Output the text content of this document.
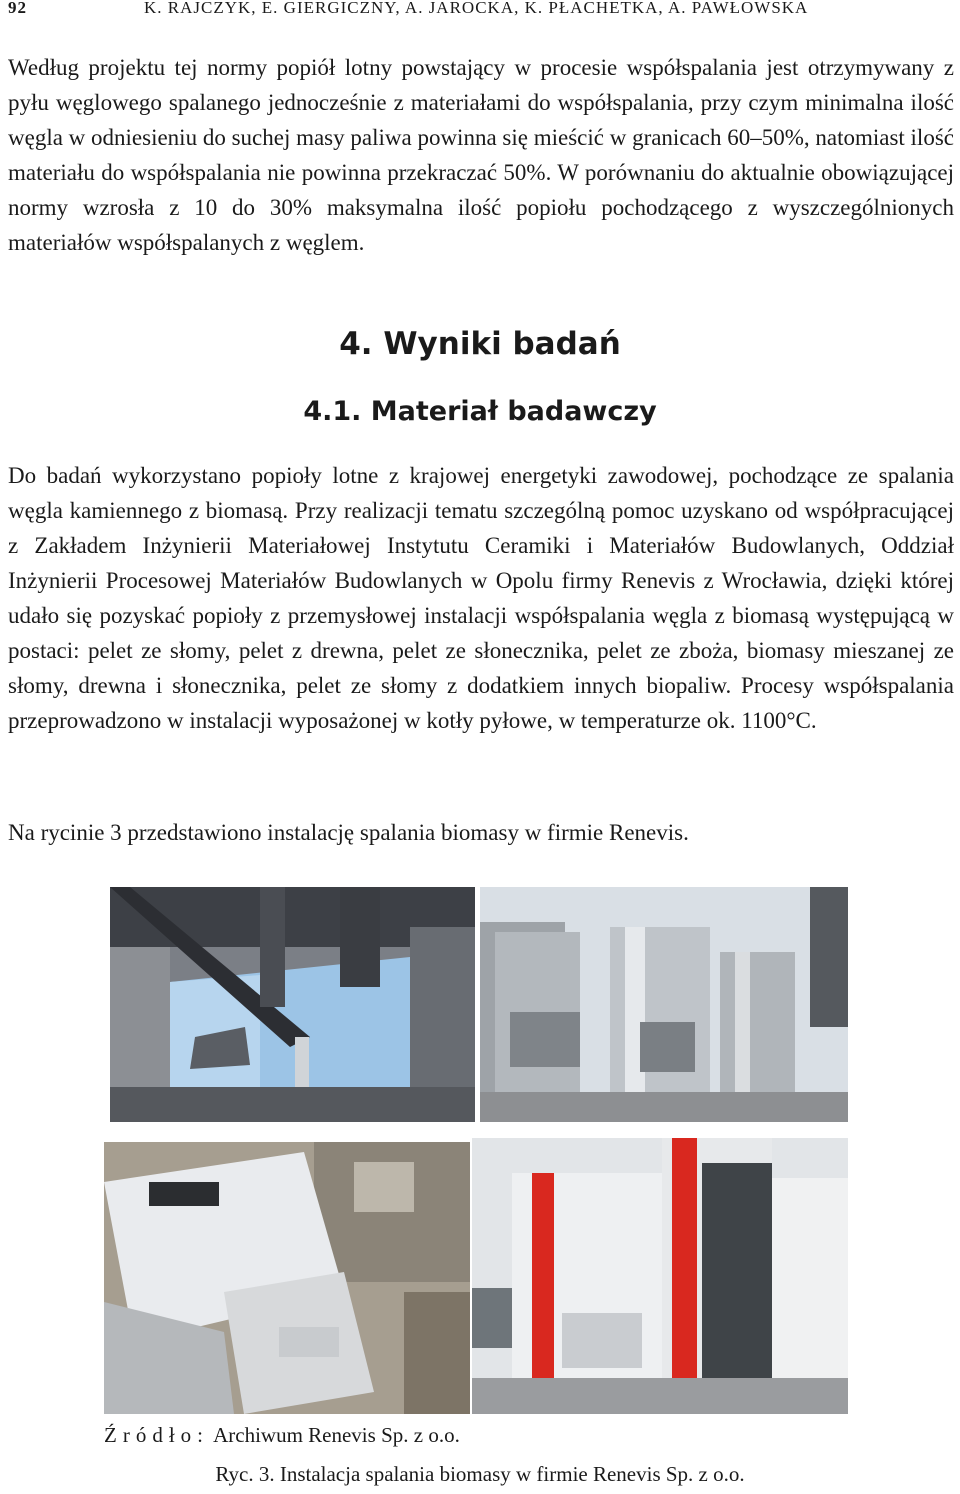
92	K. RAJCZYK, E. GIERGICZNY, A. JAROCKA, K. PŁACHETKA, A. PAWŁOWSKA
Według projektu tej normy popiół lotny powstający w procesie współspalania jest otrzymywany z pyłu węglowego spalanego jednocześnie z materiałami do współspalania, przy czym minimalna ilość węgla w odniesieniu do suchej masy paliwa powinna się mieścić w granicach 60–50%, natomiast ilość materiału do współspalania nie powinna przekraczać 50%. W porównaniu do aktualnie obowiązującej normy wzrosła z 10 do 30% maksymalna ilość popiołu pochodzącego z wyszczególnionych materiałów współspalanych z węglem.
4. Wyniki badań
4.1. Materiał badawczy
Do badań wykorzystano popioły lotne z krajowej energetyki zawodowej, pochodzące ze spalania węgla kamiennego z biomasą. Przy realizacji tematu szczególną pomoc uzyskano od współpracującej z Zakładem Inżynierii Materiałowej Instytutu Ceramiki i Materiałów Budowlanych, Oddział Inżynierii Procesowej Materiałów Budowlanych w Opolu firmy Renevis z Wrocławia, dzięki której udało się pozyskać popioły z przemysłowej instalacji współspalania węgla z biomasą występującą w postaci: pelet ze słomy, pelet z drewna, pelet ze słonecznika, pelet ze zboża, biomasy mieszanej ze słomy, drewna i słonecznika, pelet ze słomy z dodatkiem innych biopaliw. Procesy współspalania przeprowadzono w instalacji wyposażonej w kotły pyłowe, w temperaturze ok. 1100°C.
Na rycinie 3 przedstawiono instalację spalania biomasy w firmie Renevis.
Źródło: Archiwum Renevis Sp. z o.o.
Ryc. 3. Instalacja spalania biomasy w firmie Renevis Sp. z o.o.
